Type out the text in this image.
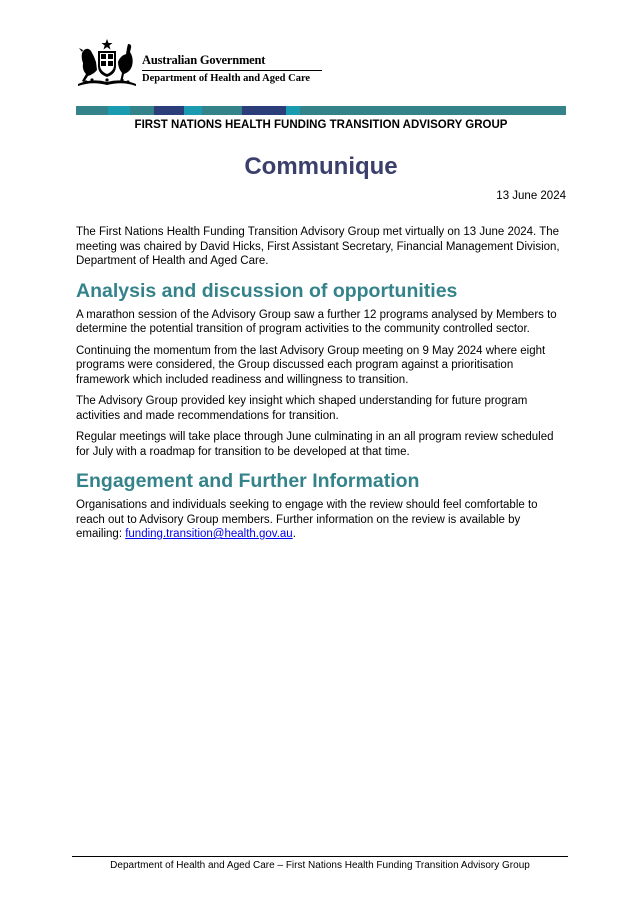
Australian Government
Department of Health and Aged Care
FIRST NATIONS HEALTH FUNDING TRANSITION ADVISORY GROUP
Communique
13 June 2024

The First Nations Health Funding Transition Advisory Group met virtually on 13 June 2024. The meeting was chaired by David Hicks, First Assistant Secretary, Financial Management Division, Department of Health and Aged Care.

Analysis and discussion of opportunities

A marathon session of the Advisory Group saw a further 12 programs analysed by Members to determine the potential transition of program activities to the community controlled sector.

Continuing the momentum from the last Advisory Group meeting on 9 May 2024 where eight programs were considered, the Group discussed each program against a prioritisation framework which included readiness and willingness to transition.

The Advisory Group provided key insight which shaped understanding for future program activities and made recommendations for transition.

Regular meetings will take place through June culminating in an all program review scheduled for July with a roadmap for transition to be developed at that time.

Engagement and Further Information

Organisations and individuals seeking to engage with the review should feel comfortable to reach out to Advisory Group members. Further information on the review is available by emailing: funding.transition@health.gov.au.

Department of Health and Aged Care – First Nations Health Funding Transition Advisory Group
